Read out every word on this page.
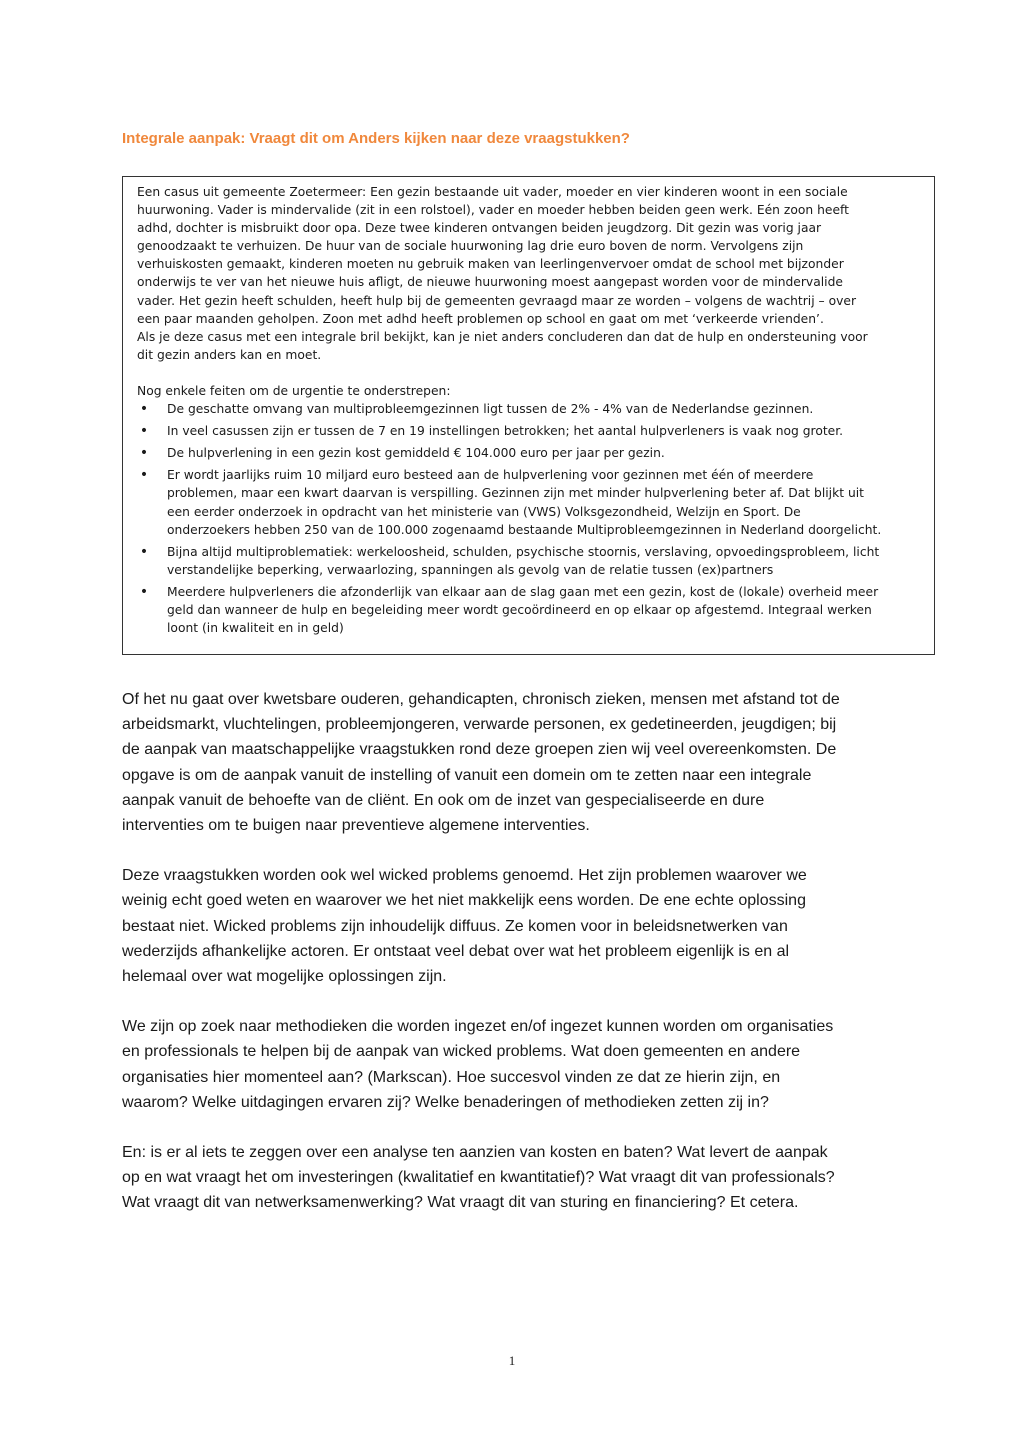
Integrale aanpak: Vraagt dit om Anders kijken naar deze vraagstukken?

Een casus uit gemeente Zoetermeer: Een gezin bestaande uit vader, moeder en vier kinderen woont in een sociale
huurwoning. Vader is mindervalide (zit in een rolstoel), vader en moeder hebben beiden geen werk. Eén zoon heeft
adhd, dochter is misbruikt door opa. Deze twee kinderen ontvangen beiden jeugdzorg. Dit gezin was vorig jaar
genoodzaakt te verhuizen. De huur van de sociale huurwoning lag drie euro boven de norm. Vervolgens zijn
verhuiskosten gemaakt, kinderen moeten nu gebruik maken van leerlingenvervoer omdat de school met bijzonder
onderwijs te ver van het nieuwe huis afligt, de nieuwe huurwoning moest aangepast worden voor de mindervalide
vader. Het gezin heeft schulden, heeft hulp bij de gemeenten gevraagd maar ze worden – volgens de wachtrij – over
een paar maanden geholpen. Zoon met adhd heeft problemen op school en gaat om met ‘verkeerde vrienden’.
Als je deze casus met een integrale bril bekijkt, kan je niet anders concluderen dan dat de hulp en ondersteuning voor
dit gezin anders kan en moet.

Nog enkele feiten om de urgentie te onderstrepen:

• De geschatte omvang van multiprobleemgezinnen ligt tussen de 2% - 4% van de Nederlandse gezinnen.
• In veel casussen zijn er tussen de 7 en 19 instellingen betrokken; het aantal hulpverleners is vaak nog groter.
• De hulpverlening in een gezin kost gemiddeld € 104.000 euro per jaar per gezin.
• Er wordt jaarlijks ruim 10 miljard euro besteed aan de hulpverlening voor gezinnen met één of meerdere
problemen, maar een kwart daarvan is verspilling. Gezinnen zijn met minder hulpverlening beter af. Dat blijkt uit
een eerder onderzoek in opdracht van het ministerie van (VWS) Volksgezondheid, Welzijn en Sport. De
onderzoekers hebben 250 van de 100.000 zogenaamd bestaande Multiprobleemgezinnen in Nederland doorgelicht.
• Bijna altijd multiproblematiek: werkeloosheid, schulden, psychische stoornis, verslaving, opvoedingsprobleem, licht
verstandelijke beperking, verwaarlozing, spanningen als gevolg van de relatie tussen (ex)partners
• Meerdere hulpverleners die afzonderlijk van elkaar aan de slag gaan met een gezin, kost de (lokale) overheid meer
geld dan wanneer de hulp en begeleiding meer wordt gecoördineerd en op elkaar op afgestemd. Integraal werken
loont (in kwaliteit en in geld)

Of het nu gaat over kwetsbare ouderen, gehandicapten, chronisch zieken, mensen met afstand tot de
arbeidsmarkt, vluchtelingen, probleemjongeren, verwarde personen, ex gedetineerden, jeugdigen; bij
de aanpak van maatschappelijke vraagstukken rond deze groepen zien wij veel overeenkomsten. De
opgave is om de aanpak vanuit de instelling of vanuit een domein om te zetten naar een integrale
aanpak vanuit de behoefte van de cliënt. En ook om de inzet van gespecialiseerde en dure
interventies om te buigen naar preventieve algemene interventies.

Deze vraagstukken worden ook wel wicked problems genoemd. Het zijn problemen waarover we
weinig echt goed weten en waarover we het niet makkelijk eens worden. De ene echte oplossing
bestaat niet. Wicked problems zijn inhoudelijk diffuus. Ze komen voor in beleidsnetwerken van
wederzijds afhankelijke actoren. Er ontstaat veel debat over wat het probleem eigenlijk is en al
helemaal over wat mogelijke oplossingen zijn.

We zijn op zoek naar methodieken die worden ingezet en/of ingezet kunnen worden om organisaties
en professionals te helpen bij de aanpak van wicked problems. Wat doen gemeenten en andere
organisaties hier momenteel aan? (Markscan). Hoe succesvol vinden ze dat ze hierin zijn, en
waarom? Welke uitdagingen ervaren zij? Welke benaderingen of methodieken zetten zij in?

En: is er al iets te zeggen over een analyse ten aanzien van kosten en baten? Wat levert de aanpak
op en wat vraagt het om investeringen (kwalitatief en kwantitatief)? Wat vraagt dit van professionals?
Wat vraagt dit van netwerksamenwerking? Wat vraagt dit van sturing en financiering? Et cetera.

1
